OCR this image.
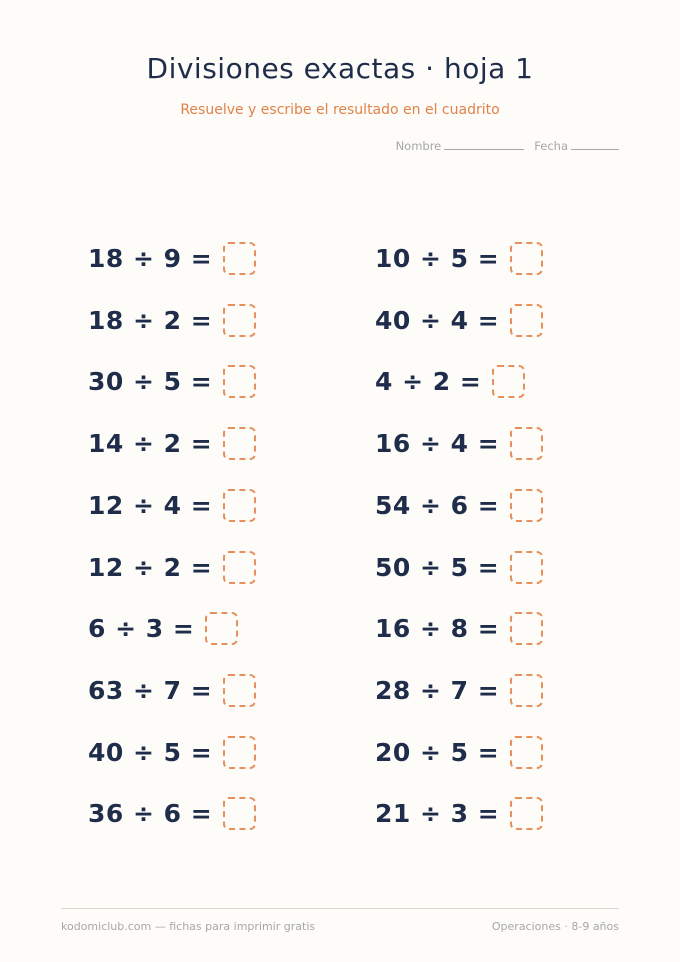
Divisiones exactas · hoja 1
Resuelve y escribe el resultado en el cuadrito
Nombre	Fecha
18 ÷ 9 =
18 ÷ 2 =
30 ÷ 5 =
14 ÷ 2 =
12 ÷ 4 =
12 ÷ 2 =
6 ÷ 3 =
63 ÷ 7 =
40 ÷ 5 =
36 ÷ 6 =
10 ÷ 5 =
40 ÷ 4 =
4 ÷ 2 =
16 ÷ 4 =
54 ÷ 6 =
50 ÷ 5 =
16 ÷ 8 =
28 ÷ 7 =
20 ÷ 5 =
21 ÷ 3 =
kodomiclub.com — fichas para imprimir gratis	Operaciones · 8-9 años
